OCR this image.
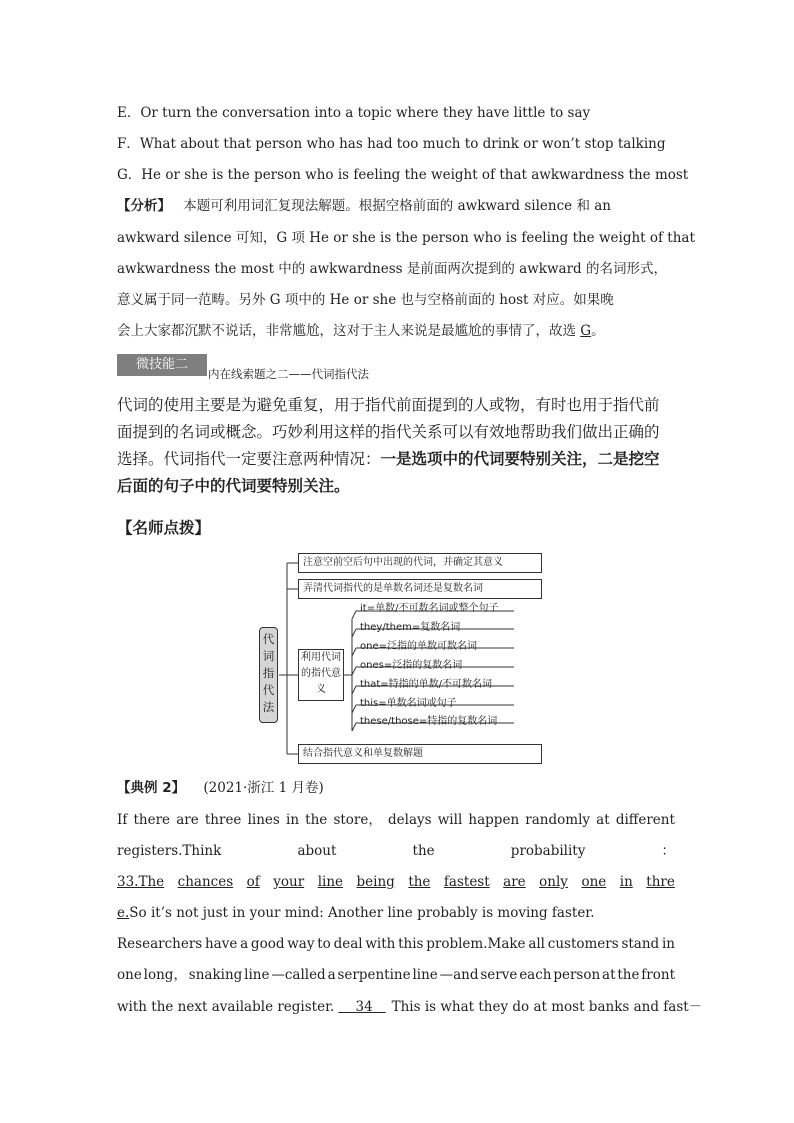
E．Or turn the conversation into a topic where they have little to say
F．What about that person who has had too much to drink or won’t stop talking
G．He or she is the person who is feeling the weight of that awkwardness the most
【分析】 本题可利用词汇复现法解题。根据空格前面的 awkward silence 和 an
awkward silence 可知，G 项 He or she is the person who is feeling the weight of that
awkwardness the most 中的 awkwardness 是前面两次提到的 awkward 的名词形式，
意义属于同一范畴。另外 G 项中的 He or she 也与空格前面的 host 对应。如果晚
会上大家都沉默不说话，非常尴尬，这对于主人来说是最尴尬的事情了，故选 G。
微技能二
内在线索题之二——代词指代法
代词的使用主要是为避免重复，用于指代前面提到的人或物，有时也用于指代前
面提到的名词或概念。巧妙利用这样的指代关系可以有效地帮助我们做出正确的
选择。代词指代一定要注意两种情况：一是选项中的代词要特别关注，二是挖空
后面的句子中的代词要特别关注。
【名师点拨】
代词指代法
注意空前空后句中出现的代词，并确定其意义
弄清代词指代的是单数名词还是复数名词
利用代词的指代意义
it=单数/不可数名词或整个句子
they/them=复数名词
one=泛指的单数可数名词
ones=泛指的复数名词
that=特指的单数/不可数名词
this=单数名词或句子
these/those=特指的复数名词
结合指代意义和单复数解题
【典例 2】 (2021·浙江 1 月卷)
If there are three lines in the store， delays will happen randomly at different
registers.Think	about	the	probability	：
33.The chances of your line being the fastest are only one in thre
e.So it’s not just in your mind: Another line probably is moving faster.
Researchers have a good way to deal with this problem.Make all customers stand in
one long， snaking line —called a serpentine line —and serve each person at the front
with the next available register. 34 This is what they do at most banks and fast－
